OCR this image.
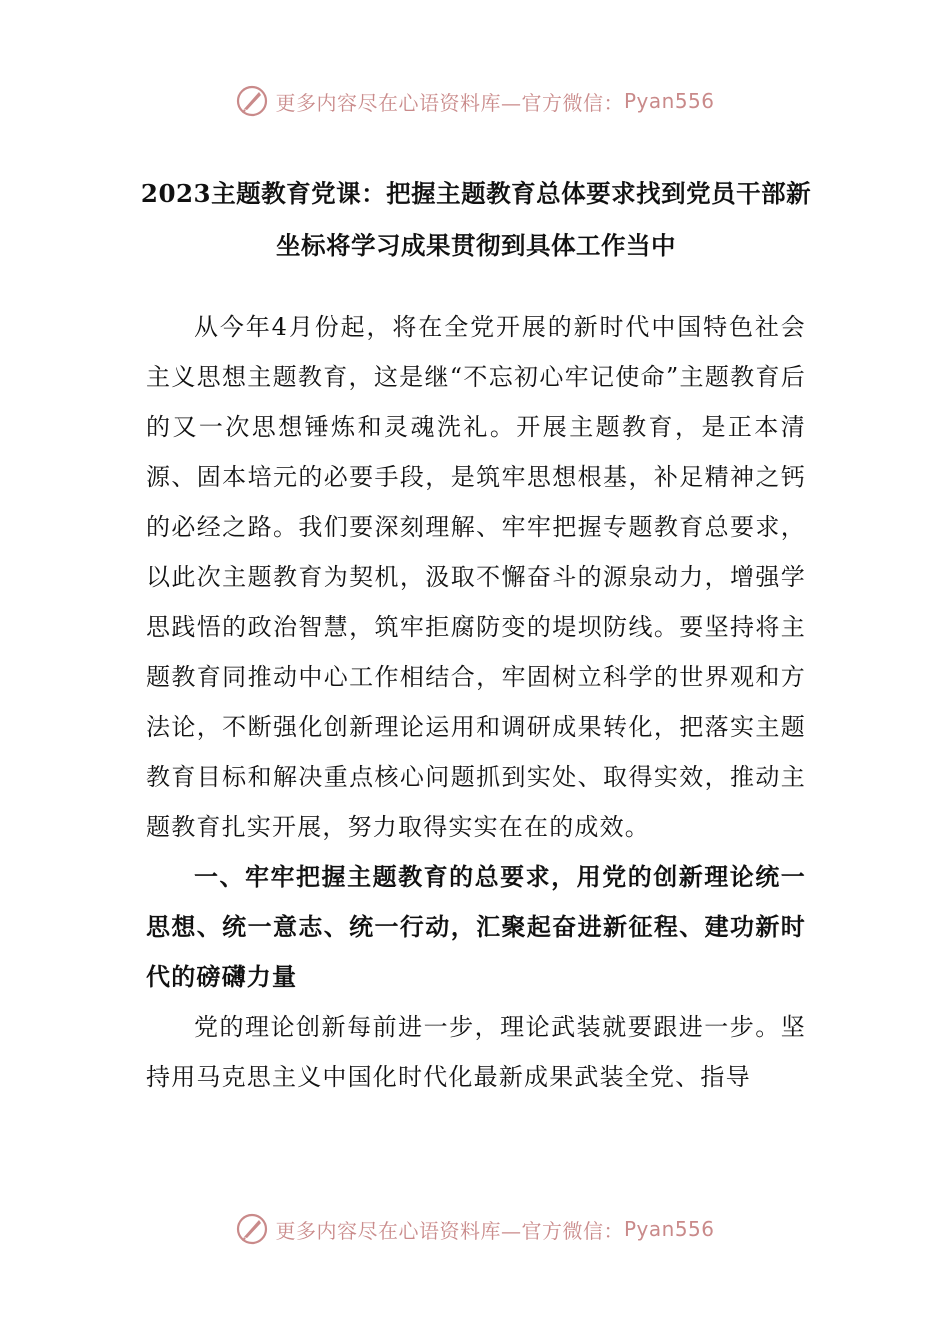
更多内容尽在心语资料库—官方微信： Pyan556
2023主题教育党课：把握主题教育总体要求找到党员干部新坐标将学习成果贯彻到具体工作当中

从今年4月份起，将在全党开展的新时代中国特色社会主义思想主题教育，这是继“不忘初心牢记使命”主题教育后的又一次思想锤炼和灵魂洗礼。开展主题教育，是正本清源、固本培元的必要手段，是筑牢思想根基，补足精神之钙的必经之路。我们要深刻理解、牢牢把握专题教育总要求，以此次主题教育为契机，汲取不懈奋斗的源泉动力，增强学思践悟的政治智慧，筑牢拒腐防变的堤坝防线。要坚持将主题教育同推动中心工作相结合，牢固树立科学的世界观和方法论，不断强化创新理论运用和调研成果转化，把落实主题教育目标和解决重点核心问题抓到实处、取得实效，推动主题教育扎实开展，努力取得实实在在的成效。

一、牢牢把握主题教育的总要求，用党的创新理论统一思想、统一意志、统一行动，汇聚起奋进新征程、建功新时代的磅礴力量

党的理论创新每前进一步，理论武装就要跟进一步。坚持用马克思主义中国化时代化最新成果武装全党、指导

更多内容尽在心语资料库—官方微信： Pyan556
